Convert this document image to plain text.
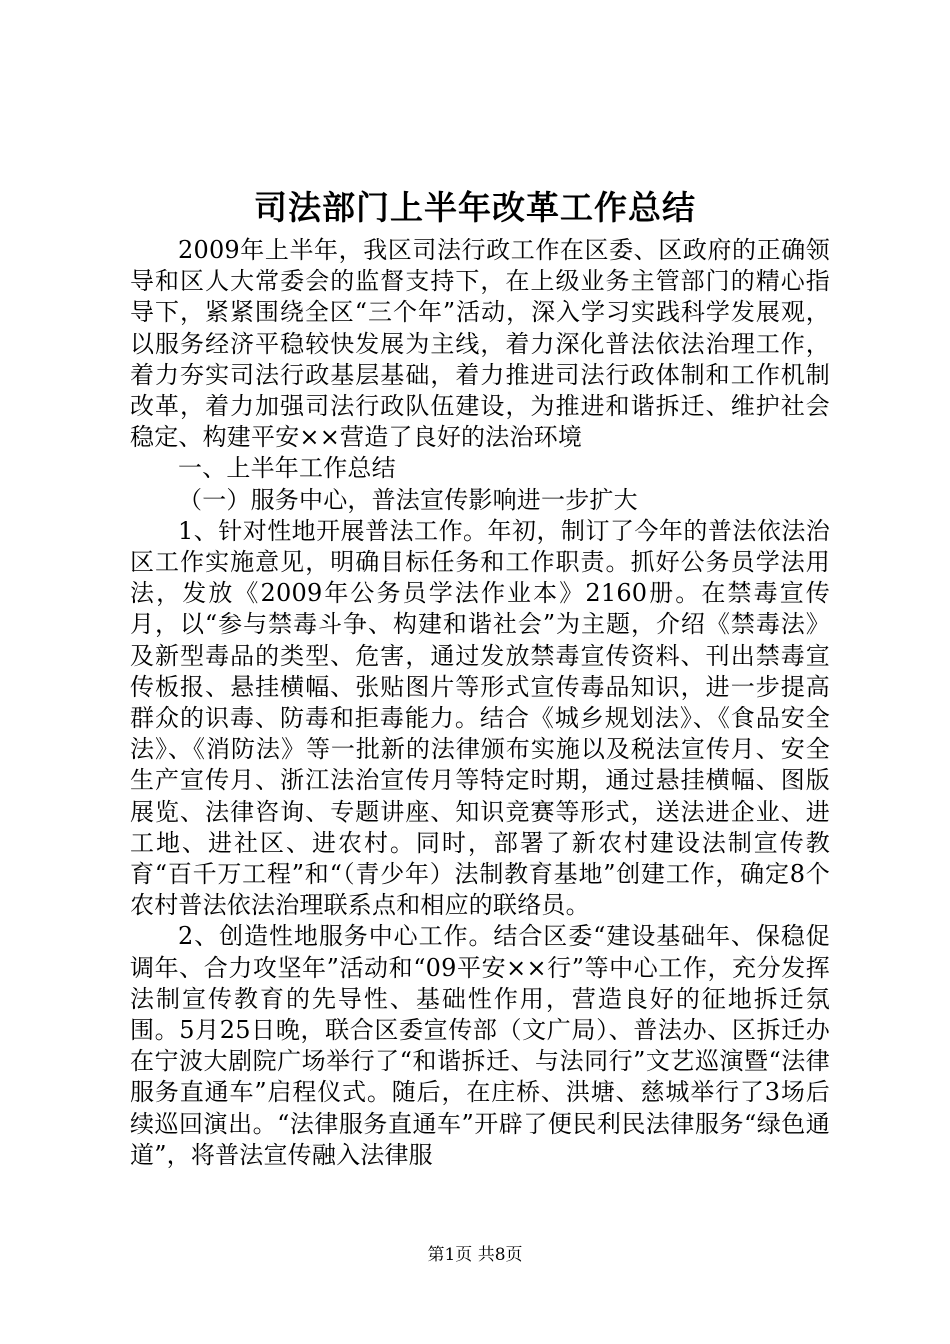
司法部门上半年改革工作总结

2009年上半年，我区司法行政工作在区委、区政府的正确领导和区人大常委会的监督支持下，在上级业务主管部门的精心指导下，紧紧围绕全区“三个年”活动，深入学习实践科学发展观，以服务经济平稳较快发展为主线，着力深化普法依法治理工作，着力夯实司法行政基层基础，着力推进司法行政体制和工作机制改革，着力加强司法行政队伍建设，为推进和谐拆迁、维护社会稳定、构建平安××营造了良好的法治环境

一、上半年工作总结

（一）服务中心，普法宣传影响进一步扩大

1、针对性地开展普法工作。年初，制订了今年的普法依法治区工作实施意见，明确目标任务和工作职责。抓好公务员学法用法，发放《2009年公务员学法作业本》2160册。在禁毒宣传月，以“参与禁毒斗争、构建和谐社会”为主题，介绍《禁毒法》及新型毒品的类型、危害，通过发放禁毒宣传资料、刊出禁毒宣传板报、悬挂横幅、张贴图片等形式宣传毒品知识，进一步提高群众的识毒、防毒和拒毒能力。结合《城乡规划法》、《食品安全法》、《消防法》等一批新的法律颁布实施以及税法宣传月、安全生产宣传月、浙江法治宣传月等特定时期，通过悬挂横幅、图版展览、法律咨询、专题讲座、知识竞赛等形式，送法进企业、进工地、进社区、进农村。同时，部署了新农村建设法制宣传教育“百千万工程”和“（青少年）法制教育基地”创建工作，确定8个农村普法依法治理联系点和相应的联络员。

2、创造性地服务中心工作。结合区委“建设基础年、保稳促调年、合力攻坚年”活动和“09平安××行”等中心工作，充分发挥法制宣传教育的先导性、基础性作用，营造良好的征地拆迁氛围。5月25日晚，联合区委宣传部（文广局）、普法办、区拆迁办在宁波大剧院广场举行了“和谐拆迁、与法同行”文艺巡演暨“法律服务直通车”启程仪式。随后，在庄桥、洪塘、慈城举行了3场后续巡回演出。“法律服务直通车”开辟了便民利民法律服务“绿色通道”，将普法宣传融入法律服

第1页 共8页
